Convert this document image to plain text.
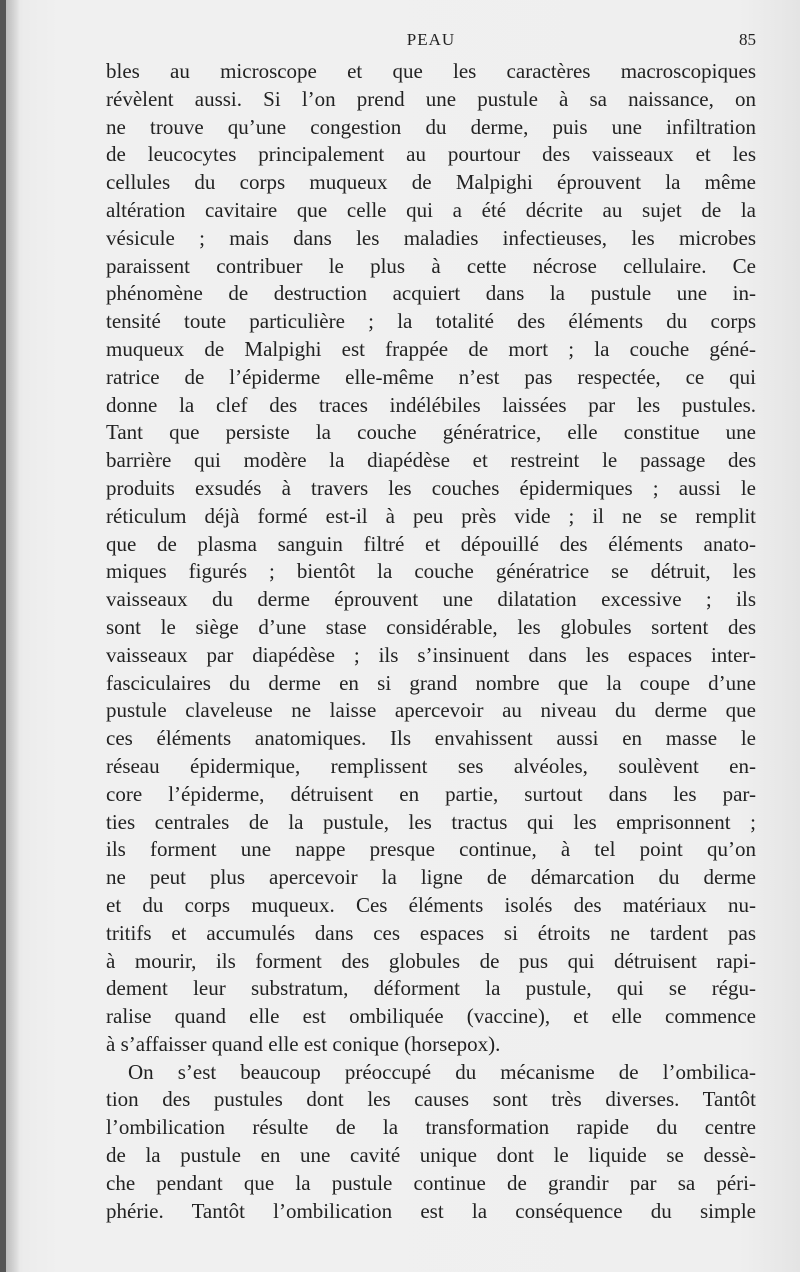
PEAU	85
bles au microscope et que les caractères macroscopiques
révèlent aussi. Si l’on prend une pustule à sa naissance, on
ne trouve qu’une congestion du derme, puis une infiltration
de leucocytes principalement au pourtour des vaisseaux et les
cellules du corps muqueux de Malpighi éprouvent la même
altération cavitaire que celle qui a été décrite au sujet de la
vésicule ; mais dans les maladies infectieuses, les microbes
paraissent contribuer le plus à cette nécrose cellulaire. Ce
phénomène de destruction acquiert dans la pustule une in-
tensité toute particulière ; la totalité des éléments du corps
muqueux de Malpighi est frappée de mort ; la couche géné-
ratrice de l’épiderme elle-même n’est pas respectée, ce qui
donne la clef des traces indélébiles laissées par les pustules.
Tant que persiste la couche génératrice, elle constitue une
barrière qui modère la diapédèse et restreint le passage des
produits exsudés à travers les couches épidermiques ; aussi le
réticulum déjà formé est-il à peu près vide ; il ne se remplit
que de plasma sanguin filtré et dépouillé des éléments anato-
miques figurés ; bientôt la couche génératrice se détruit, les
vaisseaux du derme éprouvent une dilatation excessive ; ils
sont le siège d’une stase considérable, les globules sortent des
vaisseaux par diapédèse ; ils s’insinuent dans les espaces inter-
fasciculaires du derme en si grand nombre que la coupe d’une
pustule claveleuse ne laisse apercevoir au niveau du derme que
ces éléments anatomiques. Ils envahissent aussi en masse le
réseau épidermique, remplissent ses alvéoles, soulèvent en-
core l’épiderme, détruisent en partie, surtout dans les par-
ties centrales de la pustule, les tractus qui les emprisonnent ;
ils forment une nappe presque continue, à tel point qu’on
ne peut plus apercevoir la ligne de démarcation du derme
et du corps muqueux. Ces éléments isolés des matériaux nu-
tritifs et accumulés dans ces espaces si étroits ne tardent pas
à mourir, ils forment des globules de pus qui détruisent rapi-
dement leur substratum, déforment la pustule, qui se régu-
ralise quand elle est ombiliquée (vaccine), et elle commence
à s’affaisser quand elle est conique (horsepox).
On s’est beaucoup préoccupé du mécanisme de l’ombilica-
tion des pustules dont les causes sont très diverses. Tantôt
l’ombilication résulte de la transformation rapide du centre
de la pustule en une cavité unique dont le liquide se dessè-
che pendant que la pustule continue de grandir par sa péri-
phérie. Tantôt l’ombilication est la conséquence du simple
